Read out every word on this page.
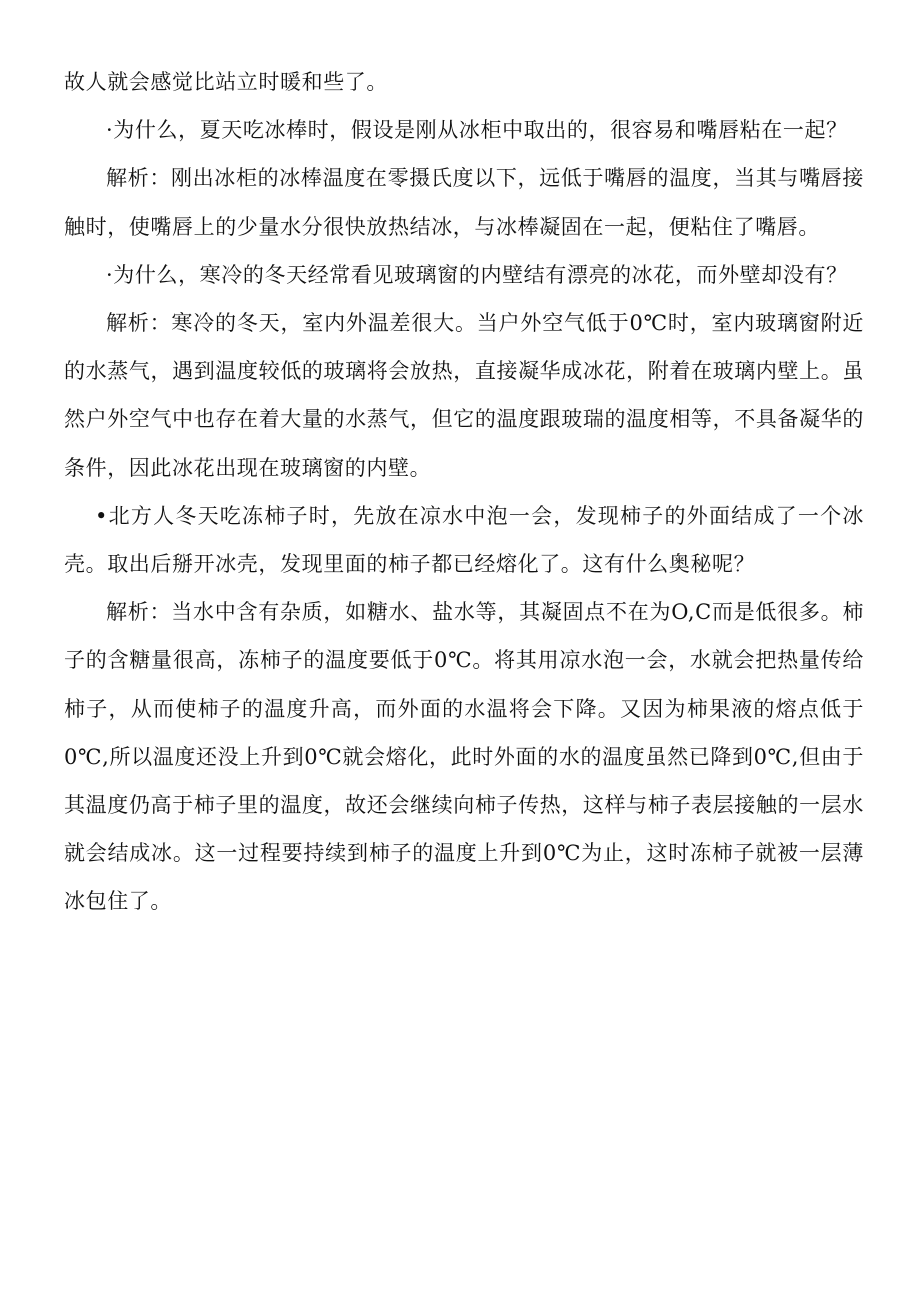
故人就会感觉比站立时暖和些了。

·为什么，夏天吃冰棒时，假设是刚从冰柜中取出的，很容易和嘴唇粘在一起？

解析：刚出冰柜的冰棒温度在零摄氏度以下，远低于嘴唇的温度，当其与嘴唇接触时，使嘴唇上的少量水分很快放热结冰，与冰棒凝固在一起，便粘住了嘴唇。

·为什么，寒冷的冬天经常看见玻璃窗的内壁结有漂亮的冰花，而外壁却没有？

解析：寒冷的冬天，室内外温差很大。当户外空气低于0℃时，室内玻璃窗附近的水蒸气，遇到温度较低的玻璃将会放热，直接凝华成冰花，附着在玻璃内壁上。虽然户外空气中也存在着大量的水蒸气，但它的温度跟玻瑞的温度相等，不具备凝华的条件，因此冰花出现在玻璃窗的内壁。

•北方人冬天吃冻柿子时，先放在凉水中泡一会，发现柿子的外面结成了一个冰壳。取出后掰开冰壳，发现里面的柿子都已经熔化了。这有什么奥秘呢？

解析：当水中含有杂质，如糖水、盐水等，其凝固点不在为O,C而是低很多。柿子的含糖量很高，冻柿子的温度要低于0℃。将其用凉水泡一会，水就会把热量传给柿子，从而使柿子的温度升高，而外面的水温将会下降。又因为柿果液的熔点低于0℃,所以温度还没上升到0℃就会熔化，此时外面的水的温度虽然已降到0℃,但由于其温度仍高于柿子里的温度，故还会继续向柿子传热，这样与柿子表层接触的一层水就会结成冰。这一过程要持续到柿子的温度上升到0℃为止，这时冻柿子就被一层薄冰包住了。
